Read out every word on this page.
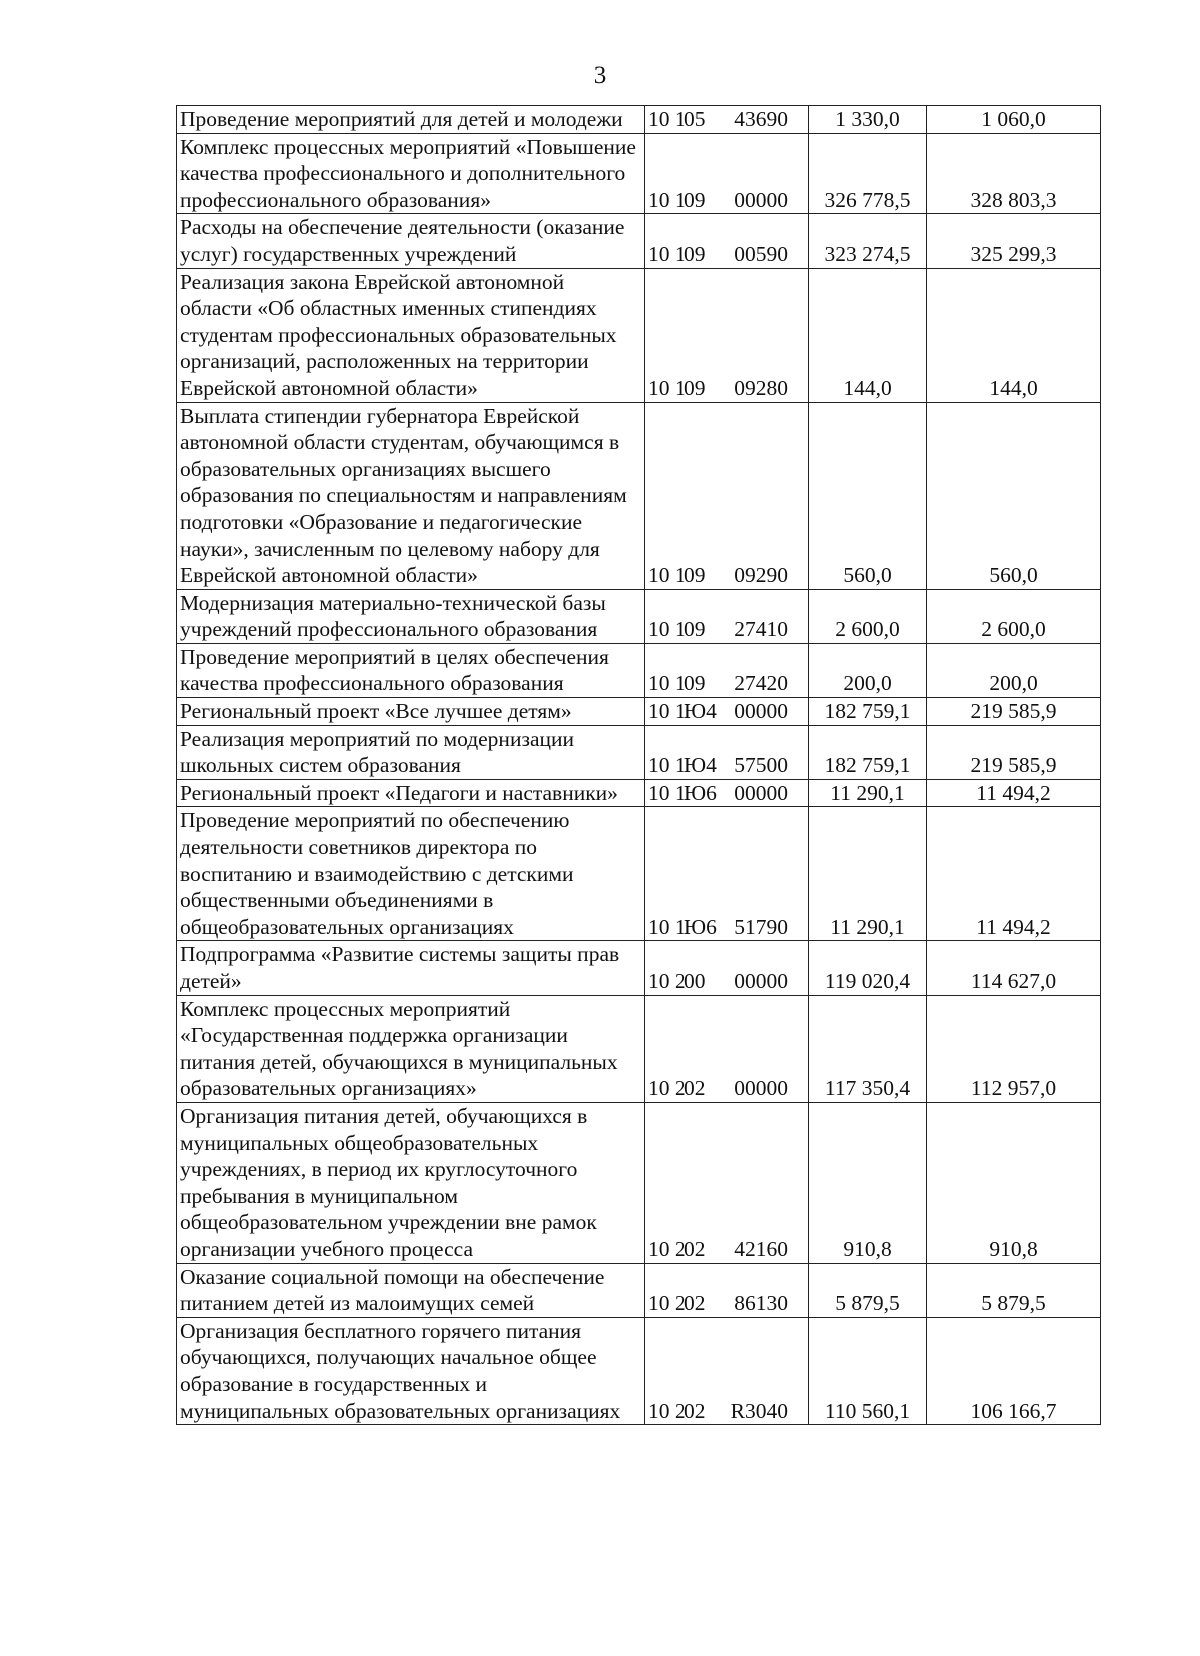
3
Проведение мероприятий для детей и молодежи	10 105 43690	1 330,0	1 060,0
Комплекс процессных мероприятий «Повышение качества профессионального и дополнительного профессионального образования»	10 109 00000	326 778,5	328 803,3
Расходы на обеспечение деятельности (оказание услуг) государственных учреждений	10 109 00590	323 274,5	325 299,3
Реализация закона Еврейской автономной области «Об областных именных стипендиях студентам профессиональных образовательных организаций, расположенных на территории Еврейской автономной области»	10 109 09280	144,0	144,0
Выплата стипендии губернатора Еврейской автономной области студентам, обучающимся в образовательных организациях высшего образования по специальностям и направлениям подготовки «Образование и педагогические науки», зачисленным по целевому набору для Еврейской автономной области»	10 109 09290	560,0	560,0
Модернизация материально-технической базы учреждений профессионального образования	10 109 27410	2 600,0	2 600,0
Проведение мероприятий в целях обеспечения качества профессионального образования	10 109 27420	200,0	200,0
Региональный проект «Все лучшее детям»	10 1Ю4 00000	182 759,1	219 585,9
Реализация мероприятий по модернизации школьных систем образования	10 1Ю4 57500	182 759,1	219 585,9
Региональный проект «Педагоги и наставники»	10 1Ю6 00000	11 290,1	11 494,2
Проведение мероприятий по обеспечению деятельности советников директора по воспитанию и взаимодействию с детскими общественными объединениями в общеобразовательных организациях	10 1Ю6 51790	11 290,1	11 494,2
Подпрограмма «Развитие системы защиты прав детей»	10 200 00000	119 020,4	114 627,0
Комплекс процессных мероприятий «Государственная поддержка организации питания детей, обучающихся в муниципальных образовательных организациях»	10 202 00000	117 350,4	112 957,0
Организация питания детей, обучающихся в муниципальных общеобразовательных учреждениях, в период их круглосуточного пребывания в муниципальном общеобразовательном учреждении вне рамок организации учебного процесса	10 202 42160	910,8	910,8
Оказание социальной помощи на обеспечение питанием детей из малоимущих семей	10 202 86130	5 879,5	5 879,5
Организация бесплатного горячего питания обучающихся, получающих начальное общее образование в государственных и муниципальных образовательных организациях	10 202 R3040	110 560,1	106 166,7
